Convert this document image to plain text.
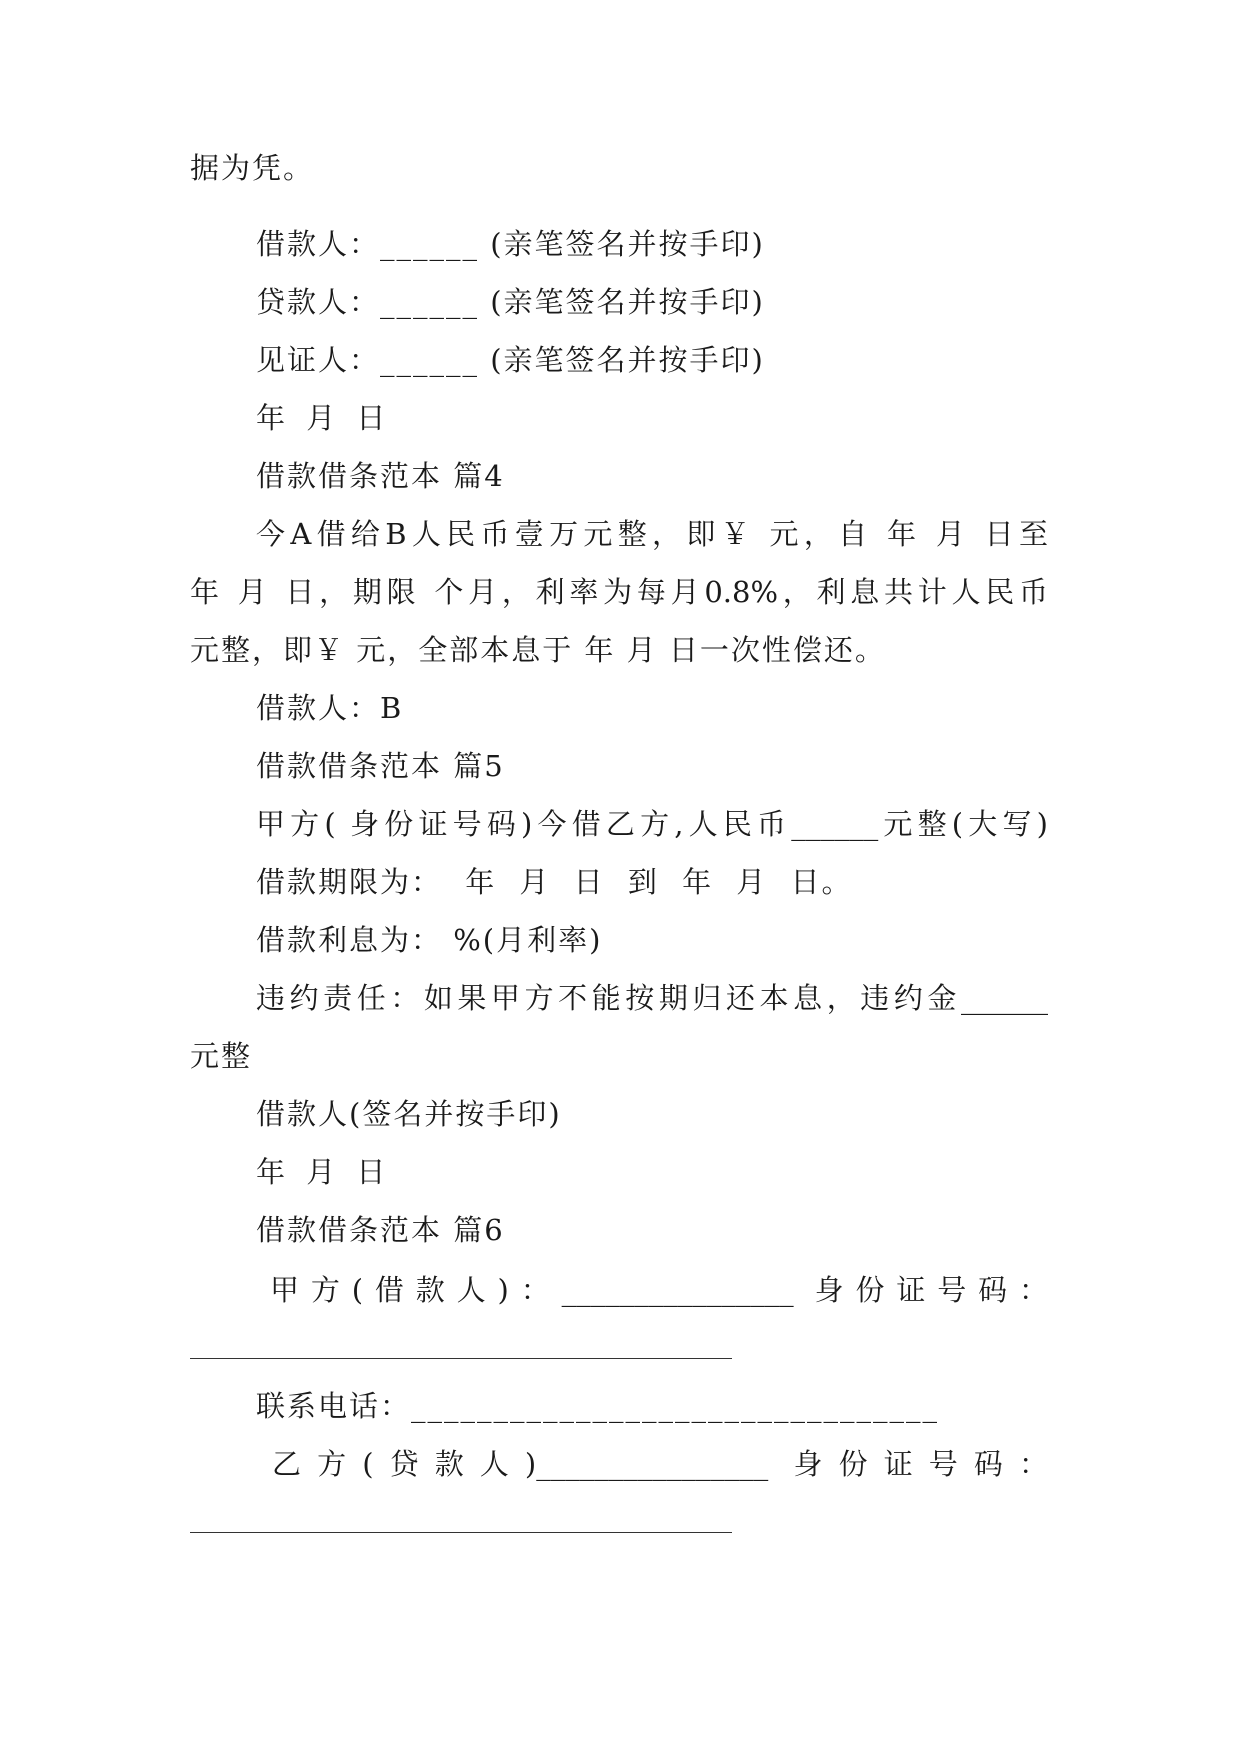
据为凭。
借款人：______ (亲笔签名并按手印)
贷款人：______ (亲笔签名并按手印)
见证人：______ (亲笔签名并按手印)
年 月 日
借款借条范本 篇4
今A借给B人民币壹万元整，即￥ 元，自 年 月 日至
年 月 日，期限 个月，利率为每月0.8%，利息共计人民币
元整，即￥ 元，全部本息于 年 月 日一次性偿还。
借款人：B
借款借条范本 篇5
甲方( 身份证号码)今借乙方,人民币______元整(大写)
借款期限为： 年 月 日 到 年 月 日。
借款利息为： %(月利率)
违约责任：如果甲方不能按期归还本息，违约金______
元整
借款人(签名并按手印)
年 月 日
借款借条范本 篇6
甲方(借款人)：________________ 身份证号码：
联系电话：________________________________
乙方(贷款人)________________ 身份证号码：
